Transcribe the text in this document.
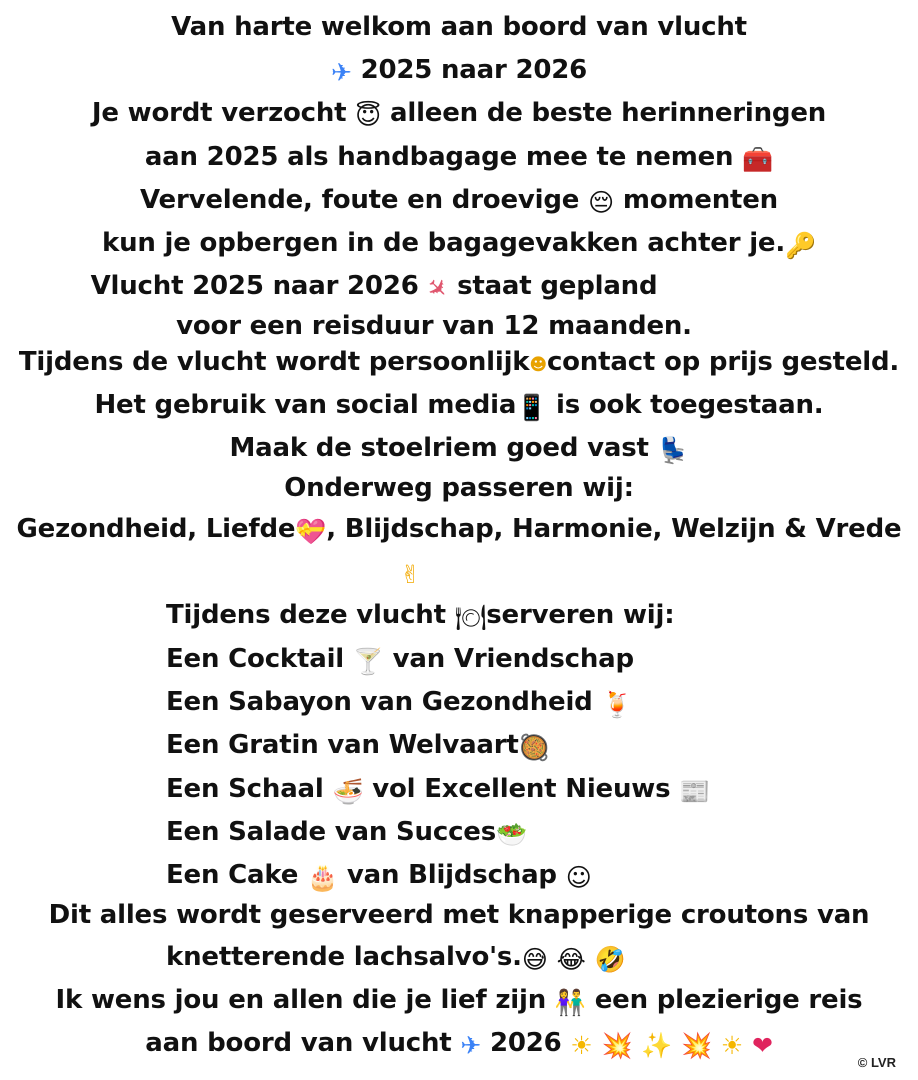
Van harte welkom aan boord van vlucht
✈ 2025 naar 2026
Je wordt verzocht 😇 alleen de beste herinneringen
aan 2025 als handbagage mee te nemen 🧰
Vervelende, foute en droevige 😔 momenten
kun je opbergen in de bagagevakken achter je.🔑
Vlucht 2025 naar 2026 ✈ staat gepland
voor een reisduur van 12 maanden.
Tijdens de vlucht wordt persoonlijk☻contact op prijs gesteld.
Het gebruik van social media📱 is ook toegestaan.
Maak de stoelriem goed vast 💺
Onderweg passeren wij:
Gezondheid, Liefde💝, Blijdschap, Harmonie, Welzijn & Vrede
✌
Tijdens deze vlucht 🍽serveren wij:
Een Cocktail 🍸 van Vriendschap
Een Sabayon van Gezondheid 🍹
Een Gratin van Welvaart🥘
Een Schaal 🍜 vol Excellent Nieuws 📰
Een Salade van Succes🥗
Een Cake 🎂 van Blijdschap ☺
Dit alles wordt geserveerd met knapperige croutons van
knetterende lachsalvo's.😅 😂 🤣
Ik wens jou en allen die je lief zijn 👫 een plezierige reis
aan boord van vlucht ✈ 2026 ☀ 💥 ✨ 💥 ☀ ❤
© LVR
